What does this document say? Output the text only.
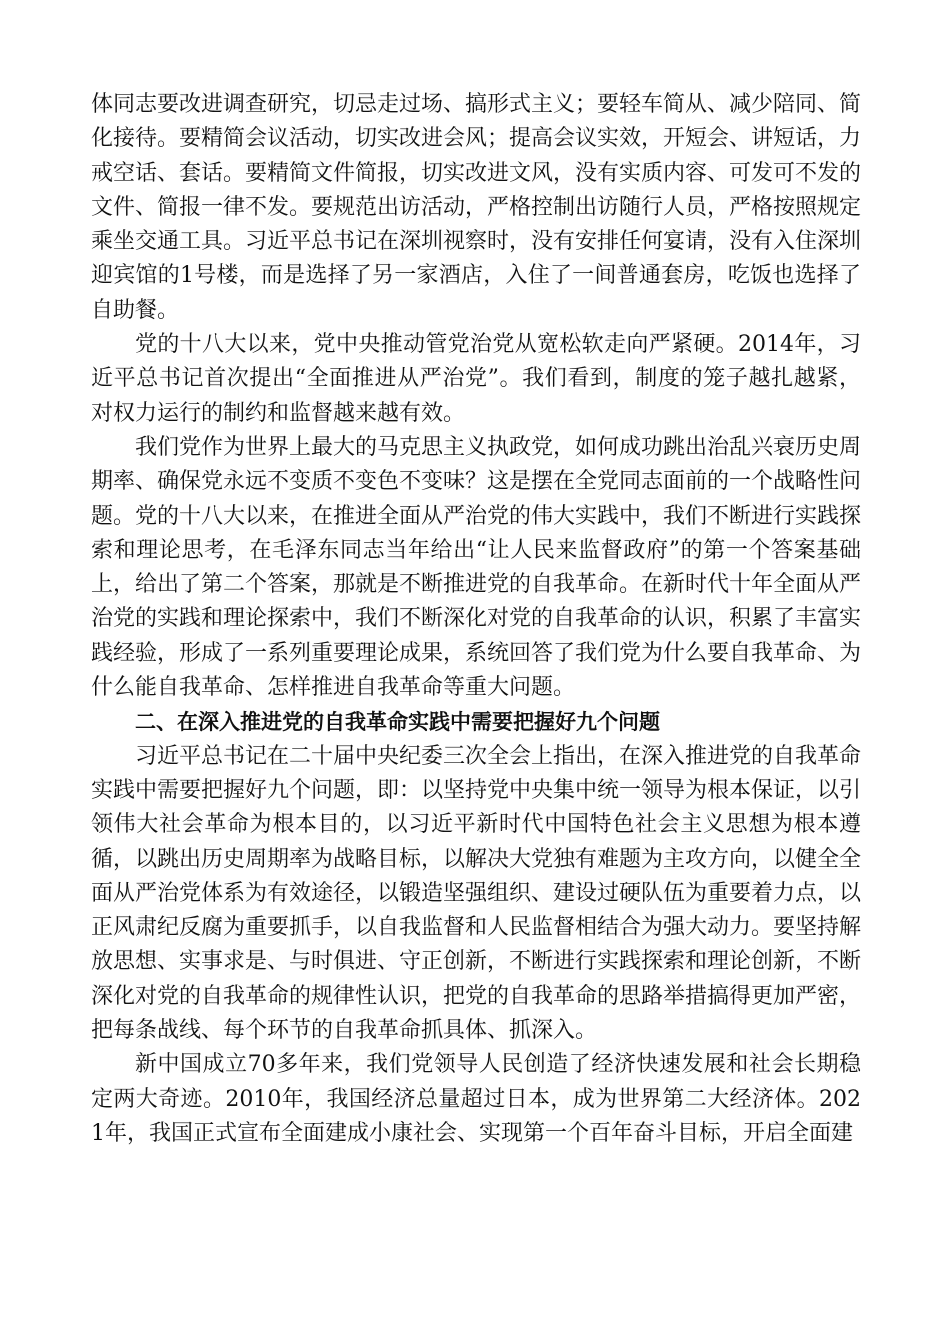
体同志要改进调查研究，切忌走过场、搞形式主义；要轻车简从、减少陪同、简化接待。要精简会议活动，切实改进会风；提高会议实效，开短会、讲短话，力戒空话、套话。要精简文件简报，切实改进文风，没有实质内容、可发可不发的文件、简报一律不发。要规范出访活动，严格控制出访随行人员，严格按照规定乘坐交通工具。习近平总书记在深圳视察时，没有安排任何宴请，没有入住深圳迎宾馆的1号楼，而是选择了另一家酒店，入住了一间普通套房，吃饭也选择了自助餐。

党的十八大以来，党中央推动管党治党从宽松软走向严紧硬。2014年，习近平总书记首次提出“全面推进从严治党”。我们看到，制度的笼子越扎越紧，对权力运行的制约和监督越来越有效。

我们党作为世界上最大的马克思主义执政党，如何成功跳出治乱兴衰历史周期率、确保党永远不变质不变色不变味？这是摆在全党同志面前的一个战略性问题。党的十八大以来，在推进全面从严治党的伟大实践中，我们不断进行实践探索和理论思考，在毛泽东同志当年给出“让人民来监督政府”的第一个答案基础上，给出了第二个答案，那就是不断推进党的自我革命。在新时代十年全面从严治党的实践和理论探索中，我们不断深化对党的自我革命的认识，积累了丰富实践经验，形成了一系列重要理论成果，系统回答了我们党为什么要自我革命、为什么能自我革命、怎样推进自我革命等重大问题。

二、在深入推进党的自我革命实践中需要把握好九个问题

习近平总书记在二十届中央纪委三次全会上指出，在深入推进党的自我革命实践中需要把握好九个问题，即：以坚持党中央集中统一领导为根本保证，以引领伟大社会革命为根本目的，以习近平新时代中国特色社会主义思想为根本遵循，以跳出历史周期率为战略目标，以解决大党独有难题为主攻方向，以健全全面从严治党体系为有效途径，以锻造坚强组织、建设过硬队伍为重要着力点，以正风肃纪反腐为重要抓手，以自我监督和人民监督相结合为强大动力。要坚持解放思想、实事求是、与时俱进、守正创新，不断进行实践探索和理论创新，不断深化对党的自我革命的规律性认识，把党的自我革命的思路举措搞得更加严密，把每条战线、每个环节的自我革命抓具体、抓深入。

新中国成立70多年来，我们党领导人民创造了经济快速发展和社会长期稳定两大奇迹。2010年，我国经济总量超过日本，成为世界第二大经济体。2021年，我国正式宣布全面建成小康社会、实现第一个百年奋斗目标，开启全面建
